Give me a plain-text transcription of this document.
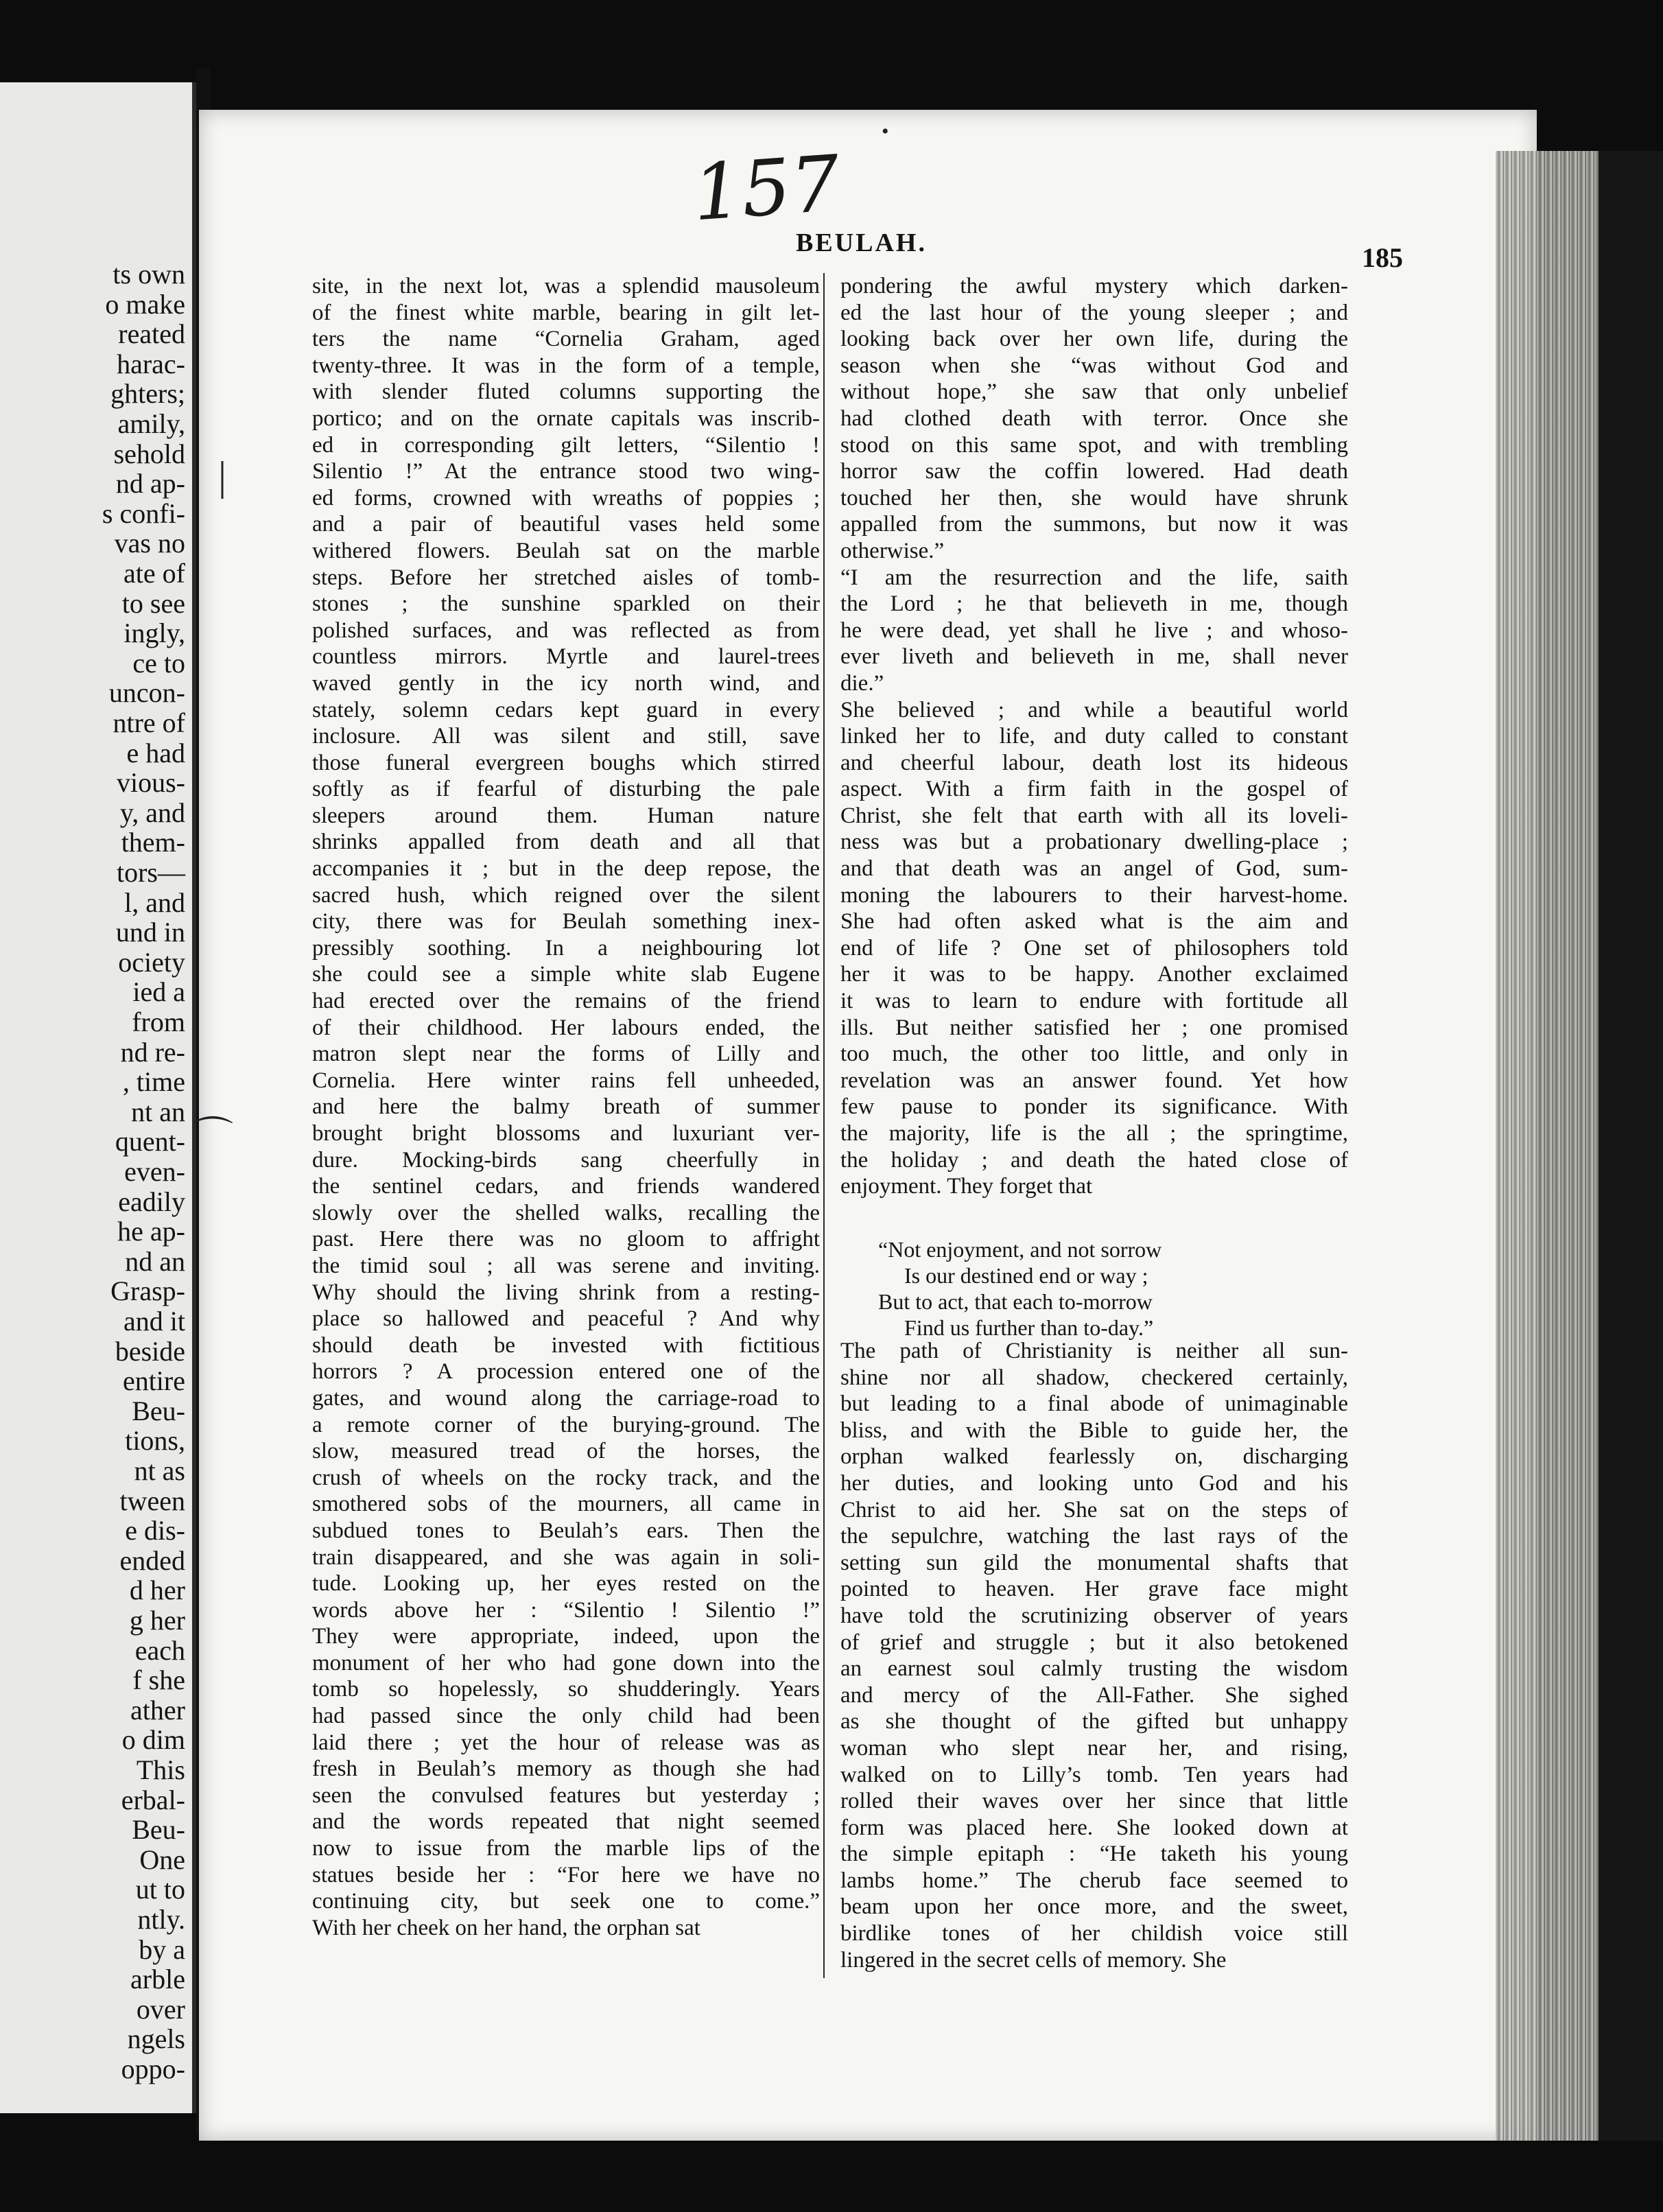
ts own
o make
reated
harac-
ghters;
amily,
sehold
nd ap-
s confi-
vas no
ate of
to see
ingly,
ce to
uncon-
ntre of
e had
vious-
y, and
them-
tors—
l, and
und in
ociety
ied a
from
nd re-
, time
nt an
quent-
even-
eadily
he ap-
nd an
Grasp-
and it
beside
entire
Beu-
tions,
nt as
tween
e dis-
ended
d her
g her
each
f she
ather
o dim
This
erbal-
Beu-
One
ut to
ntly.
by a
arble
over
ngels
oppo-
157
BEULAH.	185
|
⌒
•
site, in the next lot, was a splendid mausoleum
of the finest white marble, bearing in gilt let-
ters the name “Cornelia Graham, aged
twenty-three. It was in the form of a temple,
with slender fluted columns supporting the
portico; and on the ornate capitals was inscrib-
ed in corresponding gilt letters, “Silentio !
Silentio !” At the entrance stood two wing-
ed forms, crowned with wreaths of poppies ;
and a pair of beautiful vases held some
withered flowers. Beulah sat on the marble
steps. Before her stretched aisles of tomb-
stones ; the sunshine sparkled on their
polished surfaces, and was reflected as from
countless mirrors. Myrtle and laurel-trees
waved gently in the icy north wind, and
stately, solemn cedars kept guard in every
inclosure. All was silent and still, save
those funeral evergreen boughs which stirred
softly as if fearful of disturbing the pale
sleepers around them. Human nature
shrinks appalled from death and all that
accompanies it ; but in the deep repose, the
sacred hush, which reigned over the silent
city, there was for Beulah something inex-
pressibly soothing. In a neighbouring lot
she could see a simple white slab Eugene
had erected over the remains of the friend
of their childhood. Her labours ended, the
matron slept near the forms of Lilly and
Cornelia. Here winter rains fell unheeded,
and here the balmy breath of summer
brought bright blossoms and luxuriant ver-
dure. Mocking-birds sang cheerfully in
the sentinel cedars, and friends wandered
slowly over the shelled walks, recalling the
past. Here there was no gloom to affright
the timid soul ; all was serene and inviting.
Why should the living shrink from a resting-
place so hallowed and peaceful ? And why
should death be invested with fictitious
horrors ? A procession entered one of the
gates, and wound along the carriage-road to
a remote corner of the burying-ground. The
slow, measured tread of the horses, the
crush of wheels on the rocky track, and the
smothered sobs of the mourners, all came in
subdued tones to Beulah’s ears. Then the
train disappeared, and she was again in soli-
tude. Looking up, her eyes rested on the
words above her : “Silentio ! Silentio !”
They were appropriate, indeed, upon the
monument of her who had gone down into the
tomb so hopelessly, so shudderingly. Years
had passed since the only child had been
laid there ; yet the hour of release was as
fresh in Beulah’s memory as though she had
seen the convulsed features but yesterday ;
and the words repeated that night seemed
now to issue from the marble lips of the
statues beside her : “For here we have no
continuing city, but seek one to come.”
With her cheek on her hand, the orphan sat
pondering the awful mystery which darken-
ed the last hour of the young sleeper ; and
looking back over her own life, during the
season when she “was without God and
without hope,” she saw that only unbelief
had clothed death with terror. Once she
stood on this same spot, and with trembling
horror saw the coffin lowered. Had death
touched her then, she would have shrunk
appalled from the summons, but now it was
otherwise.”
“I am the resurrection and the life, saith
the Lord ; he that believeth in me, though
he were dead, yet shall he live ; and whoso-
ever liveth and believeth in me, shall never
die.”
She believed ; and while a beautiful world
linked her to life, and duty called to constant
and cheerful labour, death lost its hideous
aspect. With a firm faith in the gospel of
Christ, she felt that earth with all its loveli-
ness was but a probationary dwelling-place ;
and that death was an angel of God, sum-
moning the labourers to their harvest-home.
She had often asked what is the aim and
end of life ? One set of philosophers told
her it was to be happy. Another exclaimed
it was to learn to endure with fortitude all
ills. But neither satisfied her ; one promised
too much, the other too little, and only in
revelation was an answer found. Yet how
few pause to ponder its significance. With
the majority, life is the all ; the springtime,
the holiday ; and death the hated close of
enjoyment. They forget that
“Not enjoyment, and not sorrow
Is our destined end or way ;
But to act, that each to-morrow
Find us further than to-day.”
The path of Christianity is neither all sun-
shine nor all shadow, checkered certainly,
but leading to a final abode of unimaginable
bliss, and with the Bible to guide her, the
orphan walked fearlessly on, discharging
her duties, and looking unto God and his
Christ to aid her. She sat on the steps of
the sepulchre, watching the last rays of the
setting sun gild the monumental shafts that
pointed to heaven. Her grave face might
have told the scrutinizing observer of years
of grief and struggle ; but it also betokened
an earnest soul calmly trusting the wisdom
and mercy of the All-Father. She sighed
as she thought of the gifted but unhappy
woman who slept near her, and rising,
walked on to Lilly’s tomb. Ten years had
rolled their waves over her since that little
form was placed here. She looked down at
the simple epitaph : “He taketh his young
lambs home.” The cherub face seemed to
beam upon her once more, and the sweet,
birdlike tones of her childish voice still
lingered in the secret cells of memory. She
